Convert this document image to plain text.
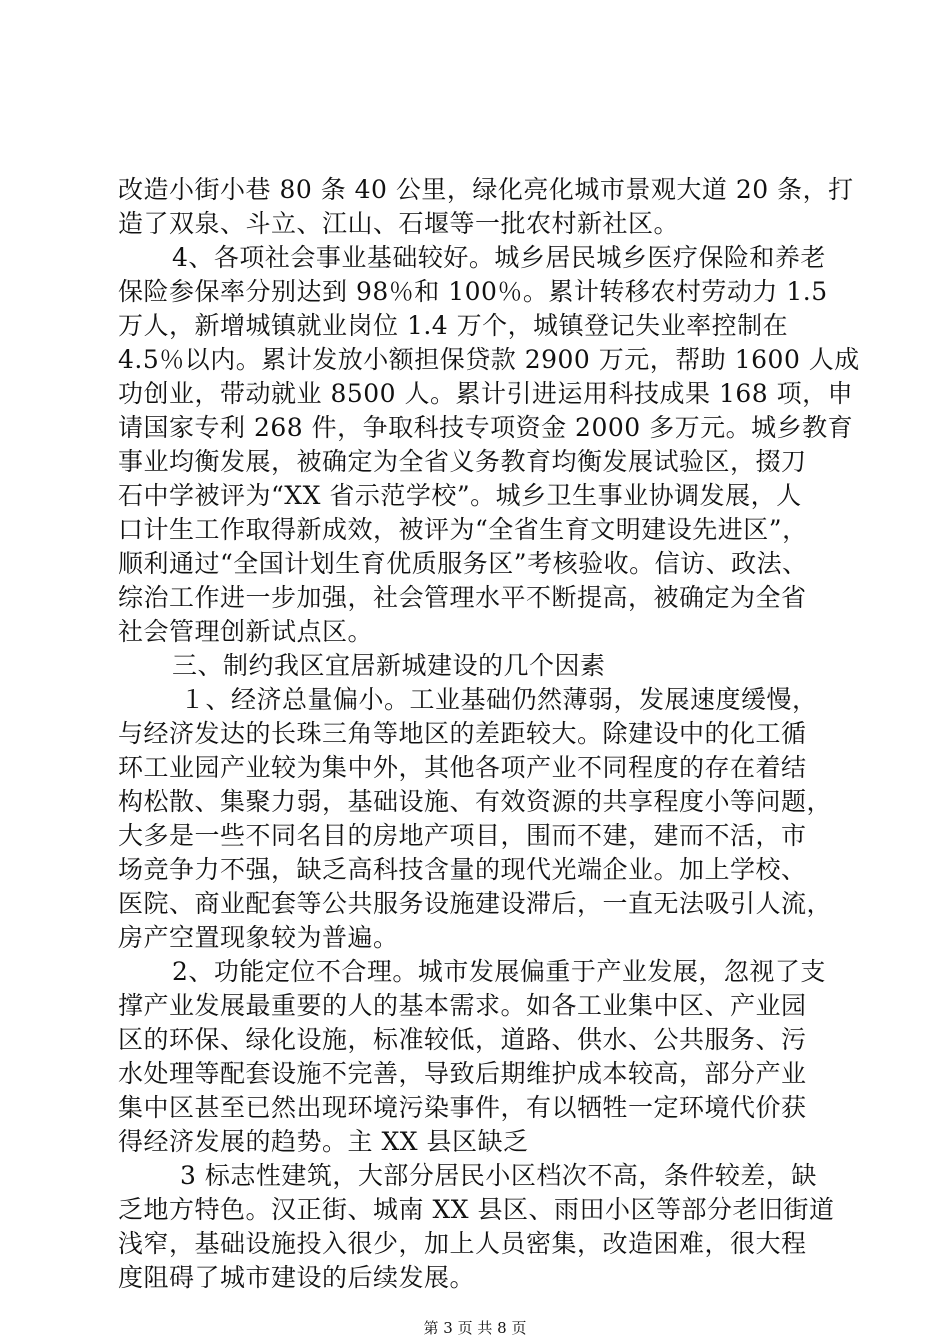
改造小街小巷 80 条 40 公里，绿化亮化城市景观大道 20 条，打
造了双泉、斗立、江山、石堰等一批农村新社区。
4、各项社会事业基础较好。城乡居民城乡医疗保险和养老
保险参保率分别达到 98％和 100％。累计转移农村劳动力 1.5
万人，新增城镇就业岗位 1.4 万个，城镇登记失业率控制在
4.5％以内。累计发放小额担保贷款 2900 万元，帮助 1600 人成
功创业，带动就业 8500 人。累计引进运用科技成果 168 项，申
请国家专利 268 件，争取科技专项资金 2000 多万元。城乡教育
事业均衡发展，被确定为全省义务教育均衡发展试验区，掇刀
石中学被评为“XX 省示范学校”。城乡卫生事业协调发展，人
口计生工作取得新成效，被评为“全省生育文明建设先进区”，
顺利通过“全国计划生育优质服务区”考核验收。信访、政法、
综治工作进一步加强，社会管理水平不断提高，被确定为全省
社会管理创新试点区。
三、制约我区宜居新城建设的几个因素
１、经济总量偏小。工业基础仍然薄弱，发展速度缓慢，
与经济发达的长珠三角等地区的差距较大。除建设中的化工循
环工业园产业较为集中外，其他各项产业不同程度的存在着结
构松散、集聚力弱，基础设施、有效资源的共享程度小等问题，
大多是一些不同名目的房地产项目，围而不建，建而不活，市
场竞争力不强，缺乏高科技含量的现代光端企业。加上学校、
医院、商业配套等公共服务设施建设滞后，一直无法吸引人流，
房产空置现象较为普遍。
2、功能定位不合理。城市发展偏重于产业发展，忽视了支
撑产业发展最重要的人的基本需求。如各工业集中区、产业园
区的环保、绿化设施，标准较低，道路、供水、公共服务、污
水处理等配套设施不完善，导致后期维护成本较高，部分产业
集中区甚至已然出现环境污染事件，有以牺牲一定环境代价获
得经济发展的趋势。主 XX 县区缺乏
3 标志性建筑，大部分居民小区档次不高，条件较差，缺
乏地方特色。汉正街、城南 XX 县区、雨田小区等部分老旧街道
浅窄，基础设施投入很少，加上人员密集，改造困难，很大程
度阻碍了城市建设的后续发展。
第 3 页 共 8 页
